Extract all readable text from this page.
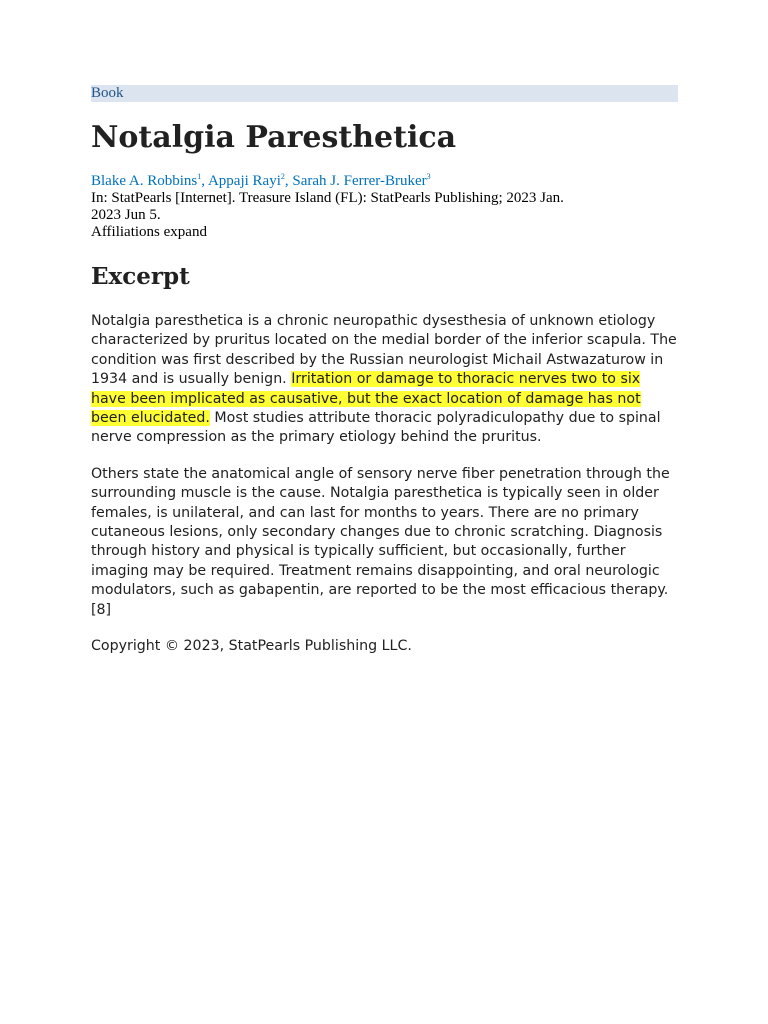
Book
Notalgia Paresthetica
Blake A. Robbins$^1$, Appaji Rayi$^2$, Sarah J. Ferrer-Bruker$^3$
In: StatPearls [Internet]. Treasure Island (FL): StatPearls Publishing; 2023 Jan. 2023 Jun 5.
Affiliations expand
Excerpt

Notalgia paresthetica is a chronic neuropathic dysesthesia of unknown etiology characterized by pruritus located on the medial border of the inferior scapula. The condition was first described by the Russian neurologist Michail Astwazaturow in 1934 and is usually benign. Irritation or damage to thoracic nerves two to six have been implicated as causative, but the exact location of damage has not been elucidated. Most studies attribute thoracic polyradiculopathy due to spinal nerve compression as the primary etiology behind the pruritus.

Others state the anatomical angle of sensory nerve fiber penetration through the surrounding muscle is the cause. Notalgia paresthetica is typically seen in older females, is unilateral, and can last for months to years. There are no primary cutaneous lesions, only secondary changes due to chronic scratching. Diagnosis through history and physical is typically sufficient, but occasionally, further imaging may be required. Treatment remains disappointing, and oral neurologic modulators, such as gabapentin, are reported to be the most efficacious therapy.[8]

Copyright © 2023, StatPearls Publishing LLC.
